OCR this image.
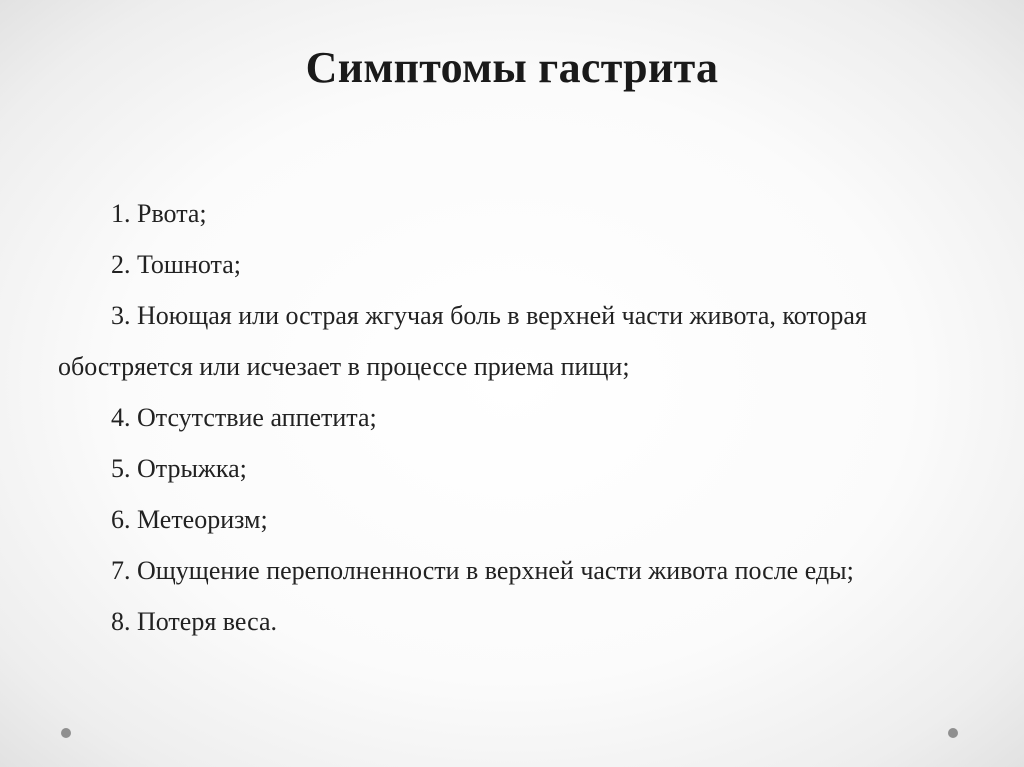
Симптомы гастрита
1. Рвота;
2. Тошнота;
3. Ноющая или острая жгучая боль в верхней части живота, которая обостряется или исчезает в процессе приема пищи;
4. Отсутствие аппетита;
5. Отрыжка;
6. Метеоризм;
7. Ощущение переполненности в верхней части живота после еды;
8. Потеря веса.
